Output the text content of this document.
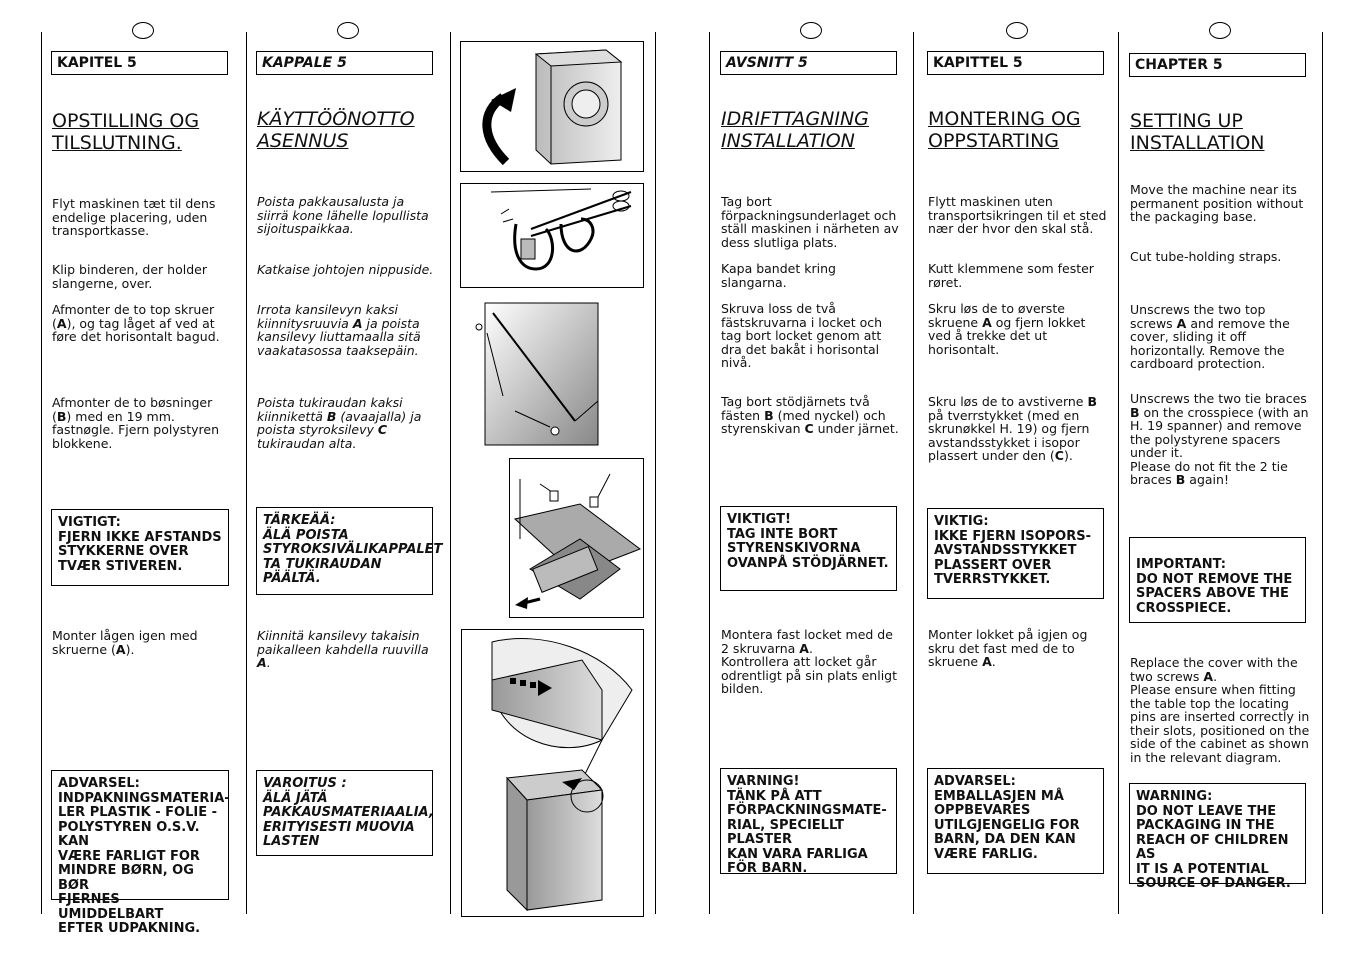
KAPITEL 5
OPSTILLING OG
TILSLUTNING.
Flyt maskinen tæt til dens endelige placering, uden transportkasse.
Klip binderen, der holder slangerne, over.
Afmonter de to top skruer (A), og tag låget af ved at føre det horisontalt bagud.
Afmonter de to bøsninger (B) med en 19 mm. fastnøgle. Fjern polystyren blokkene.
VIGTIGT:
FJERN IKKE AFSTANDS STYKKERNE OVER TVÆR STIVEREN.
Monter lågen igen med skruerne (A).
ADVARSEL:
INDPAKNINGSMATERIA-
LER PLASTIK - FOLIE -
POLYSTYREN O.S.V. KAN
VÆRE FARLIGT FOR
MINDRE BØRN, OG BØR
FJERNES UMIDDELBART
EFTER UDPAKNING.
KAPPALE 5
KÄYTTÖÖNOTTO
ASENNUS
Poista pakkausalusta ja siirrä kone lähelle lopullista sijoituspaikkaa.
Katkaise johtojen nippuside.
Irrota kansilevyn kaksi kiinnitysruuvia A ja poista kansilevy liuttamaalla sitä vaakatasossa taaksepäin.
Poista tukiraudan kaksi kiinnikettä B (avaajalla) ja poista styroksilevy C tukiraudan alta.
TÄRKEÄÄ:
ÄLÄ POISTA
STYROKSIVÄLIKAPPALET
TA TUKIRAUDAN
PÄÄLTÄ.
Kiinnitä kansilevy takaisin paikalleen kahdella ruuvilla A.
VAROITUS :
ÄLÄ JÄTÄ
PAKKAUSMATERIAALIA,
ERITYISESTI MUOVIA
LASTEN
AVSNITT 5
IDRIFTTAGNING
INSTALLATION
Tag bort förpackningsunderlaget och ställ maskinen i närheten av dess slutliga plats.
Kapa bandet kring slangarna.
Skruva loss de två fästskruvarna i locket och tag bort locket genom att dra det bakåt i horisontal nivå.
Tag bort stödjärnets två fästen B (med nyckel) och styrenskivan C under järnet.
VIKTIGT!
TAG INTE BORT
STYRENSKIVORNA
OVANPÅ STÖDJÄRNET.
Montera fast locket med de 2 skruvarna A.
Kontrollera att locket går odrentligt på sin plats enligt bilden.
VARNING!
TÄNK PÅ ATT
FÖRPACKNINGSMATE-
RIAL, SPECIELLT PLASTER
KAN VARA FARLIGA
FÖR BARN.
KAPITTEL 5
MONTERING OG
OPPSTARTING
Flytt maskinen uten transportsikringen til et sted nær der hvor den skal stå.
Kutt klemmene som fester røret.
Skru løs de to øverste skruene A og fjern lokket ved å trekke det ut horisontalt.
Skru løs de to avstiverne B på tverrstykket (med en skrunøkkel H. 19) og fjern avstandsstykket i isopor plassert under den (C).
VIKTIG:
IKKE FJERN ISOPORS-
AVSTANDSSTYKKET
PLASSERT OVER
TVERRSTYKKET.
Monter lokket på igjen og skru det fast med de to skruene A.
ADVARSEL:
EMBALLASJEN MÅ
OPPBEVARES
UTILGJENGELIG FOR
BARN, DA DEN KAN
VÆRE FARLIG.
CHAPTER 5
SETTING UP
INSTALLATION
Move the machine near its permanent position without the packaging base.
Cut tube-holding straps.
Unscrews the two top screws A and remove the cover, sliding it off horizontally. Remove the cardboard protection.
Unscrews the two tie braces B on the crosspiece (with an H. 19 spanner) and remove the polystyrene spacers under it.
Please do not fit the 2 tie braces B again!
IMPORTANT:
DO NOT REMOVE THE
SPACERS ABOVE THE
CROSSPIECE.
Replace the cover with the two screws A.
Please ensure when fitting the table top the locating pins are inserted correctly in their slots, positioned on the side of the cabinet as shown in the relevant diagram.
WARNING:
DO NOT LEAVE THE
PACKAGING IN THE
REACH OF CHILDREN AS
IT IS A POTENTIAL
SOURCE OF DANGER.
